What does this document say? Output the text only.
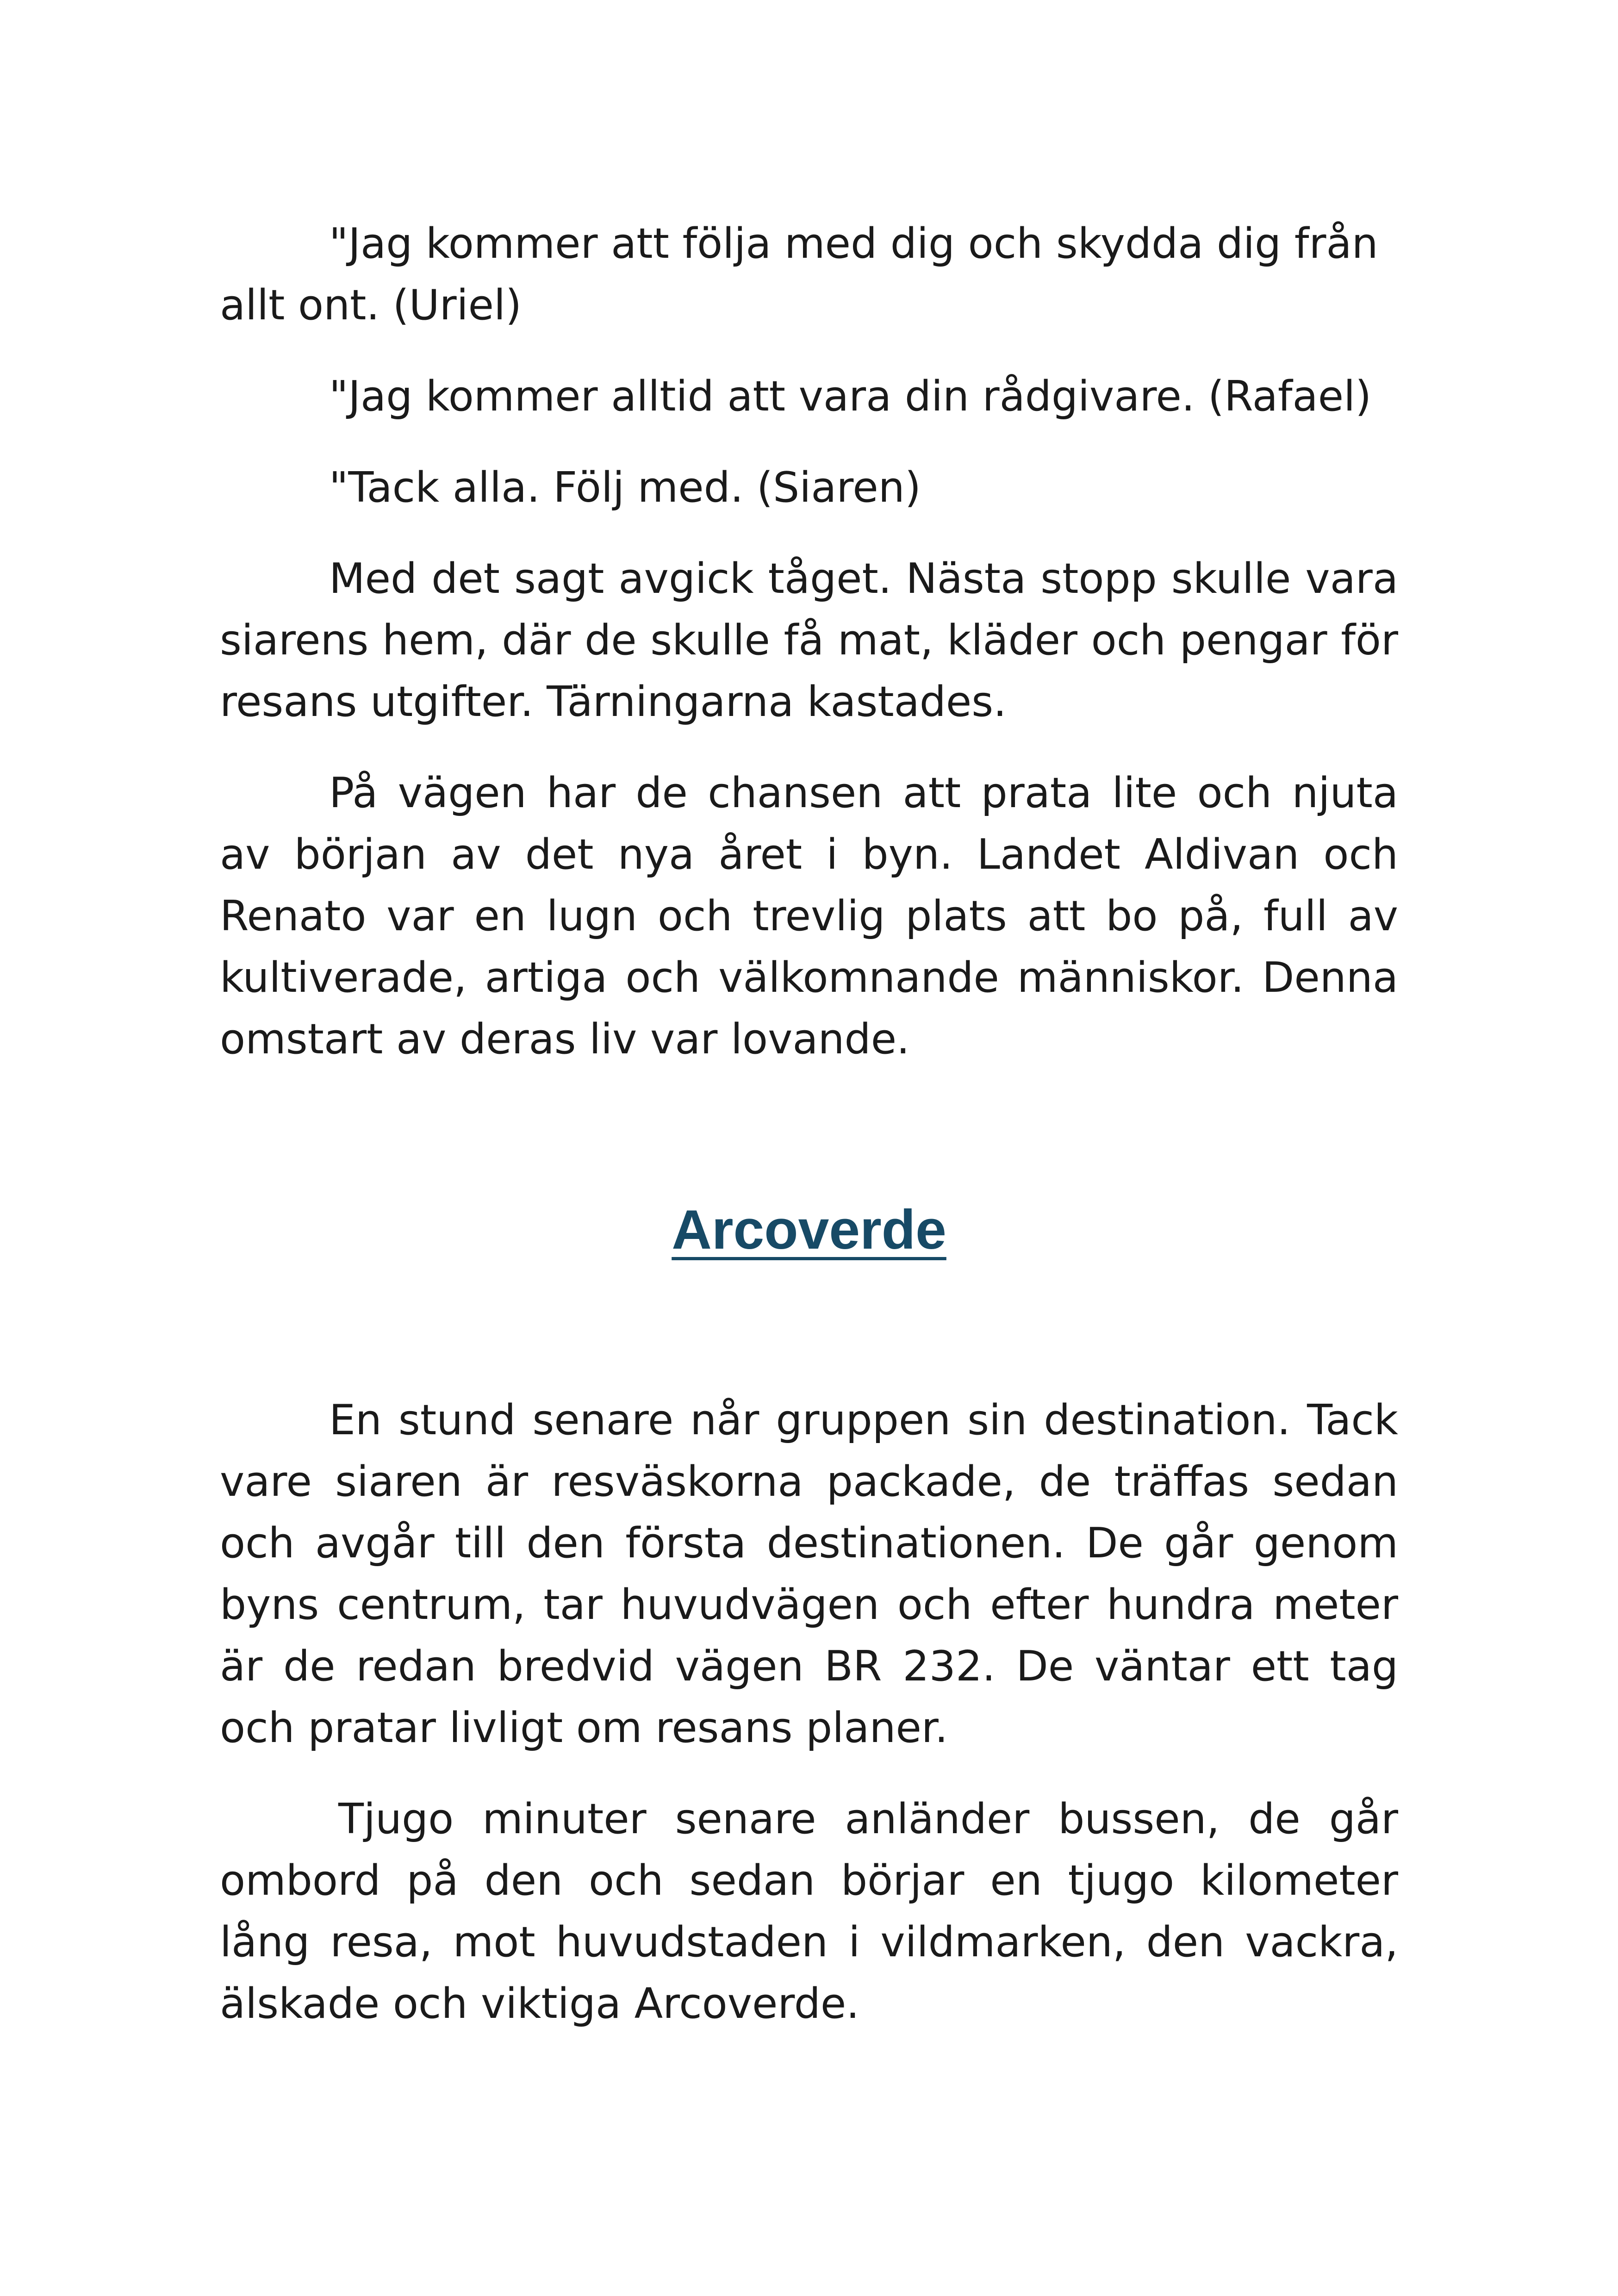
"Jag kommer att följa med dig och skydda dig från allt ont. (Uriel)

"Jag kommer alltid att vara din rådgivare. (Rafael)

"Tack alla. Följ med. (Siaren)

Med det sagt avgick tåget. Nästa stopp skulle vara siarens hem, där de skulle få mat, kläder och pengar för resans utgifter. Tärningarna kastades.

På vägen har de chansen att prata lite och njuta av början av det nya året i byn. Landet Aldivan och Renato var en lugn och trevlig plats att bo på, full av kultiverade, artiga och välkomnande människor. Denna omstart av deras liv var lovande.

Arcoverde

En stund senare når gruppen sin destination. Tack vare siaren är resväskorna packade, de träffas sedan och avgår till den första destinationen. De går genom byns centrum, tar huvudvägen och efter hundra meter är de redan bredvid vägen BR 232. De väntar ett tag och pratar livligt om resans planer.

Tjugo minuter senare anländer bussen, de går ombord på den och sedan börjar en tjugo kilometer lång resa, mot huvudstaden i vildmarken, den vackra, älskade och viktiga Arcoverde.
